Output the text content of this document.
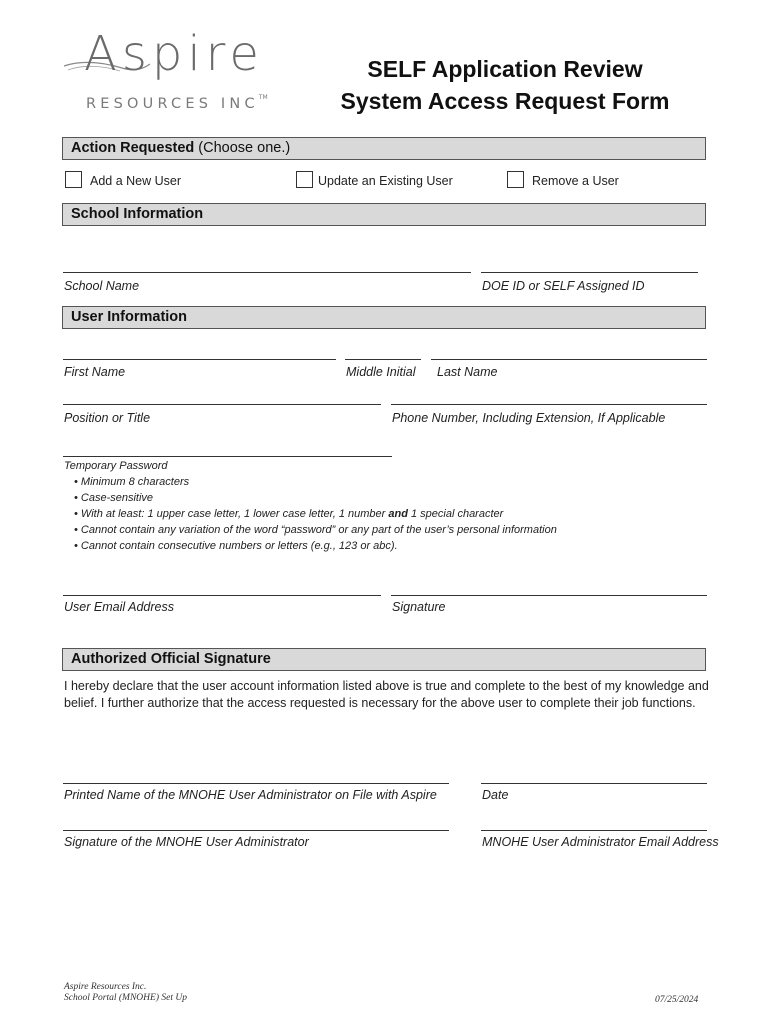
Aspire
RESOURCES INC™
SELF Application Review
System Access Request Form
Action Requested (Choose one.)
Add a New User	Update an Existing User	Remove a User
School Information
School Name	DOE ID or SELF Assigned ID
User Information
First Name	Middle Initial Last Name
Position or Title	Phone Number, Including Extension, If Applicable
Temporary Password
• Minimum 8 characters
• Case-sensitive
• With at least: 1 upper case letter, 1 lower case letter, 1 number and 1 special character
• Cannot contain any variation of the word “password” or any part of the user’s personal information
• Cannot contain consecutive numbers or letters (e.g., 123 or abc).
User Email Address	Signature
Authorized Official Signature
I hereby declare that the user account information listed above is true and complete to the best of my knowledge and belief. I further authorize that the access requested is necessary for the above user to complete their job functions.
Printed Name of the MNOHE User Administrator on File with Aspire	Date
Signature of the MNOHE User Administrator	MNOHE User Administrator Email Address
Aspire Resources Inc.
School Portal (MNOHE) Set Up	07/25/2024
